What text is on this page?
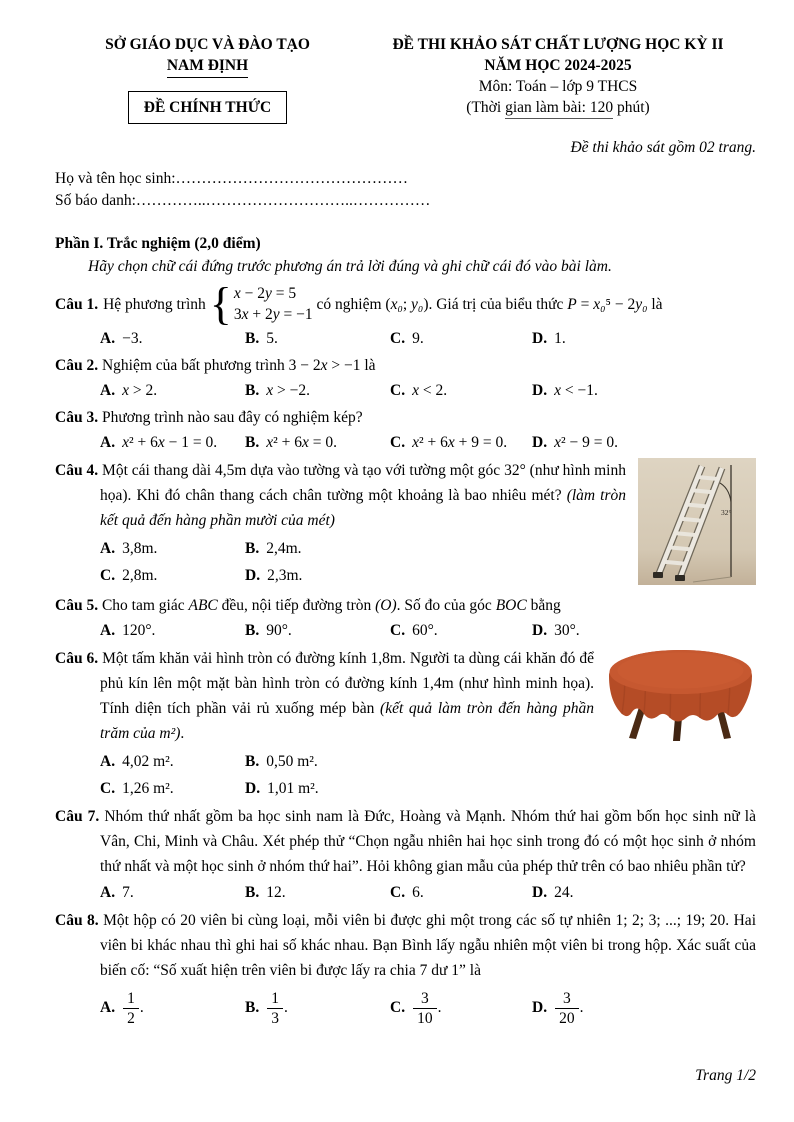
SỞ GIÁO DỤC VÀ ĐÀO TẠO
NAM ĐỊNH
ĐỀ CHÍNH THỨC
ĐỀ THI KHẢO SÁT CHẤT LƯỢNG HỌC KỲ II
NĂM HỌC 2024-2025
Môn: Toán – lớp 9 THCS
(Thời gian làm bài: 120 phút)
Đề thi khảo sát gồm 02 trang.
Họ và tên học sinh:………………………………………
Số báo danh:…………..………………………..……………
Phần I. Trắc nghiệm (2,0 điểm)
Hãy chọn chữ cái đứng trước phương án trả lời đúng và ghi chữ cái đó vào bài làm.
Câu 1. Hệ phương trình { x − 2y = 5
3x + 2y = −1
có nghiệm (x₀; y₀) . Giá trị của biểu thức P = x₀⁵ − 2y₀ là
A. −3.	B. 5.	C. 9.	D. 1.

Câu 2. Nghiệm của bất phương trình 3 − 2x > −1 là

A. x > 2.	B. x > −2.	C. x < 2.	D. x < −1.

Câu 3. Phương trình nào sau đây có nghiệm kép?

A. x² + 6x − 1 = 0.	B. x² + 6x = 0.	C. x² + 6x + 9 = 0.	D. x² − 9 = 0.

Câu 4. Một cái thang dài 4,5m dựa vào tường và tạo với tường một góc 32° (như hình minh họa). Khi đó chân thang cách chân tường một khoảng là bao nhiêu mét? (làm tròn kết quả đến hàng phần mười của mét)

A. 3,8m.	B. 2,4m.
C. 2,8m.	D. 2,3m.
32°

Câu 5. Cho tam giác ABC đều, nội tiếp đường tròn (O). Số đo của góc BOC bằng

A. 120°.	B. 90°.	C. 60°.	D. 30°.

Câu 6. Một tấm khăn vải hình tròn có đường kính 1,8m. Người ta dùng cái khăn đó để phủ kín lên một mặt bàn hình tròn có đường kính 1,4m (như hình minh họa). Tính diện tích phần vải rủ xuống mép bàn (kết quả làm tròn đến hàng phần trăm của m²).

A. 4,02 m².	B. 0,50 m².
C. 1,26 m².	D. 1,01 m².

Câu 7. Nhóm thứ nhất gồm ba học sinh nam là Đức, Hoàng và Mạnh. Nhóm thứ hai gồm bốn học sinh nữ là Vân, Chi, Minh và Châu. Xét phép thử “Chọn ngẫu nhiên hai học sinh trong đó có một học sinh ở nhóm thứ nhất và một học sinh ở nhóm thứ hai”. Hỏi không gian mẫu của phép thử trên có bao nhiêu phần tử?

A. 7.	B. 12.	C. 6.	D. 24.

Câu 8. Một hộp có 20 viên bi cùng loại, mỗi viên bi được ghi một trong các số tự nhiên 1; 2; 3; ...; 19; 20. Hai viên bi khác nhau thì ghi hai số khác nhau. Bạn Bình lấy ngẫu nhiên một viên bi trong hộp. Xác suất của biến cố: “Số xuất hiện trên viên bi được lấy ra chia 7 dư 1” là

A. $\frac{1}{2}$ .	B. $\frac{1}{3}$ .	C. $\frac{3}{10}$ .	D. $\frac{3}{20}$ .
Trang 1/2
